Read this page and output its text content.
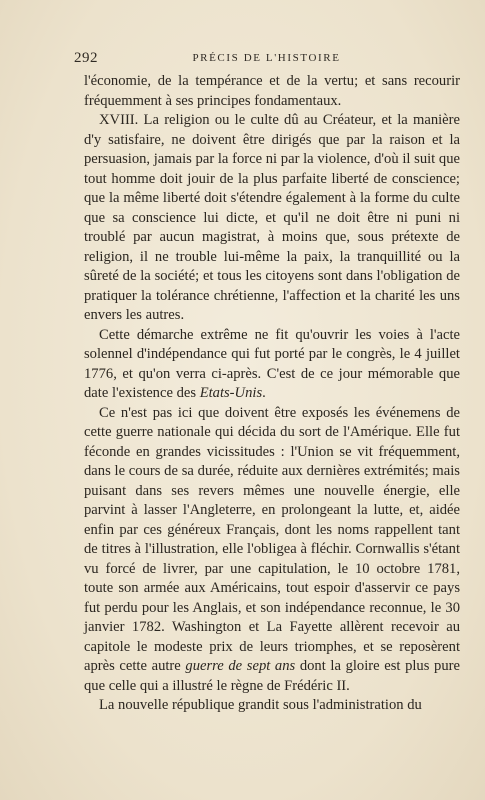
292	PRÉCIS DE L'HISTOIRE

l'économie, de la tempérance et de la vertu; et sans recourir fréquemment à ses principes fondamentaux.

XVIII. La religion ou le culte dû au Créateur, et la manière d'y satisfaire, ne doivent être dirigés que par la raison et la persuasion, jamais par la force ni par la violence, d'où il suit que tout homme doit jouir de la plus parfaite liberté de conscience; que la même liberté doit s'étendre également à la forme du culte que sa conscience lui dicte, et qu'il ne doit être ni puni ni troublé par aucun magistrat, à moins que, sous prétexte de religion, il ne trouble lui-même la paix, la tranquillité ou la sûreté de la société; et tous les citoyens sont dans l'obligation de pratiquer la tolérance chrétienne, l'affection et la charité les uns envers les autres.

Cette démarche extrême ne fit qu'ouvrir les voies à l'acte solennel d'indépendance qui fut porté par le congrès, le 4 juillet 1776, et qu'on verra ci-après. C'est de ce jour mémorable que date l'existence des Etats-Unis.

Ce n'est pas ici que doivent être exposés les événemens de cette guerre nationale qui décida du sort de l'Amérique. Elle fut féconde en grandes vicissitudes : l'Union se vit fréquemment, dans le cours de sa durée, réduite aux dernières extrémités; mais puisant dans ses revers mêmes une nouvelle énergie, elle parvint à lasser l'Angleterre, en prolongeant la lutte, et, aidée enfin par ces généreux Français, dont les noms rappellent tant de titres à l'illustration, elle l'obligea à fléchir. Cornwallis s'étant vu forcé de livrer, par une capitulation, le 10 octobre 1781, toute son armée aux Américains, tout espoir d'asservir ce pays fut perdu pour les Anglais, et son indépendance reconnue, le 30 janvier 1782. Washington et La Fayette allèrent recevoir au capitole le modeste prix de leurs triomphes, et se reposèrent après cette autre guerre de sept ans dont la gloire est plus pure que celle qui a illustré le règne de Frédéric II.

La nouvelle république grandit sous l'administration du
